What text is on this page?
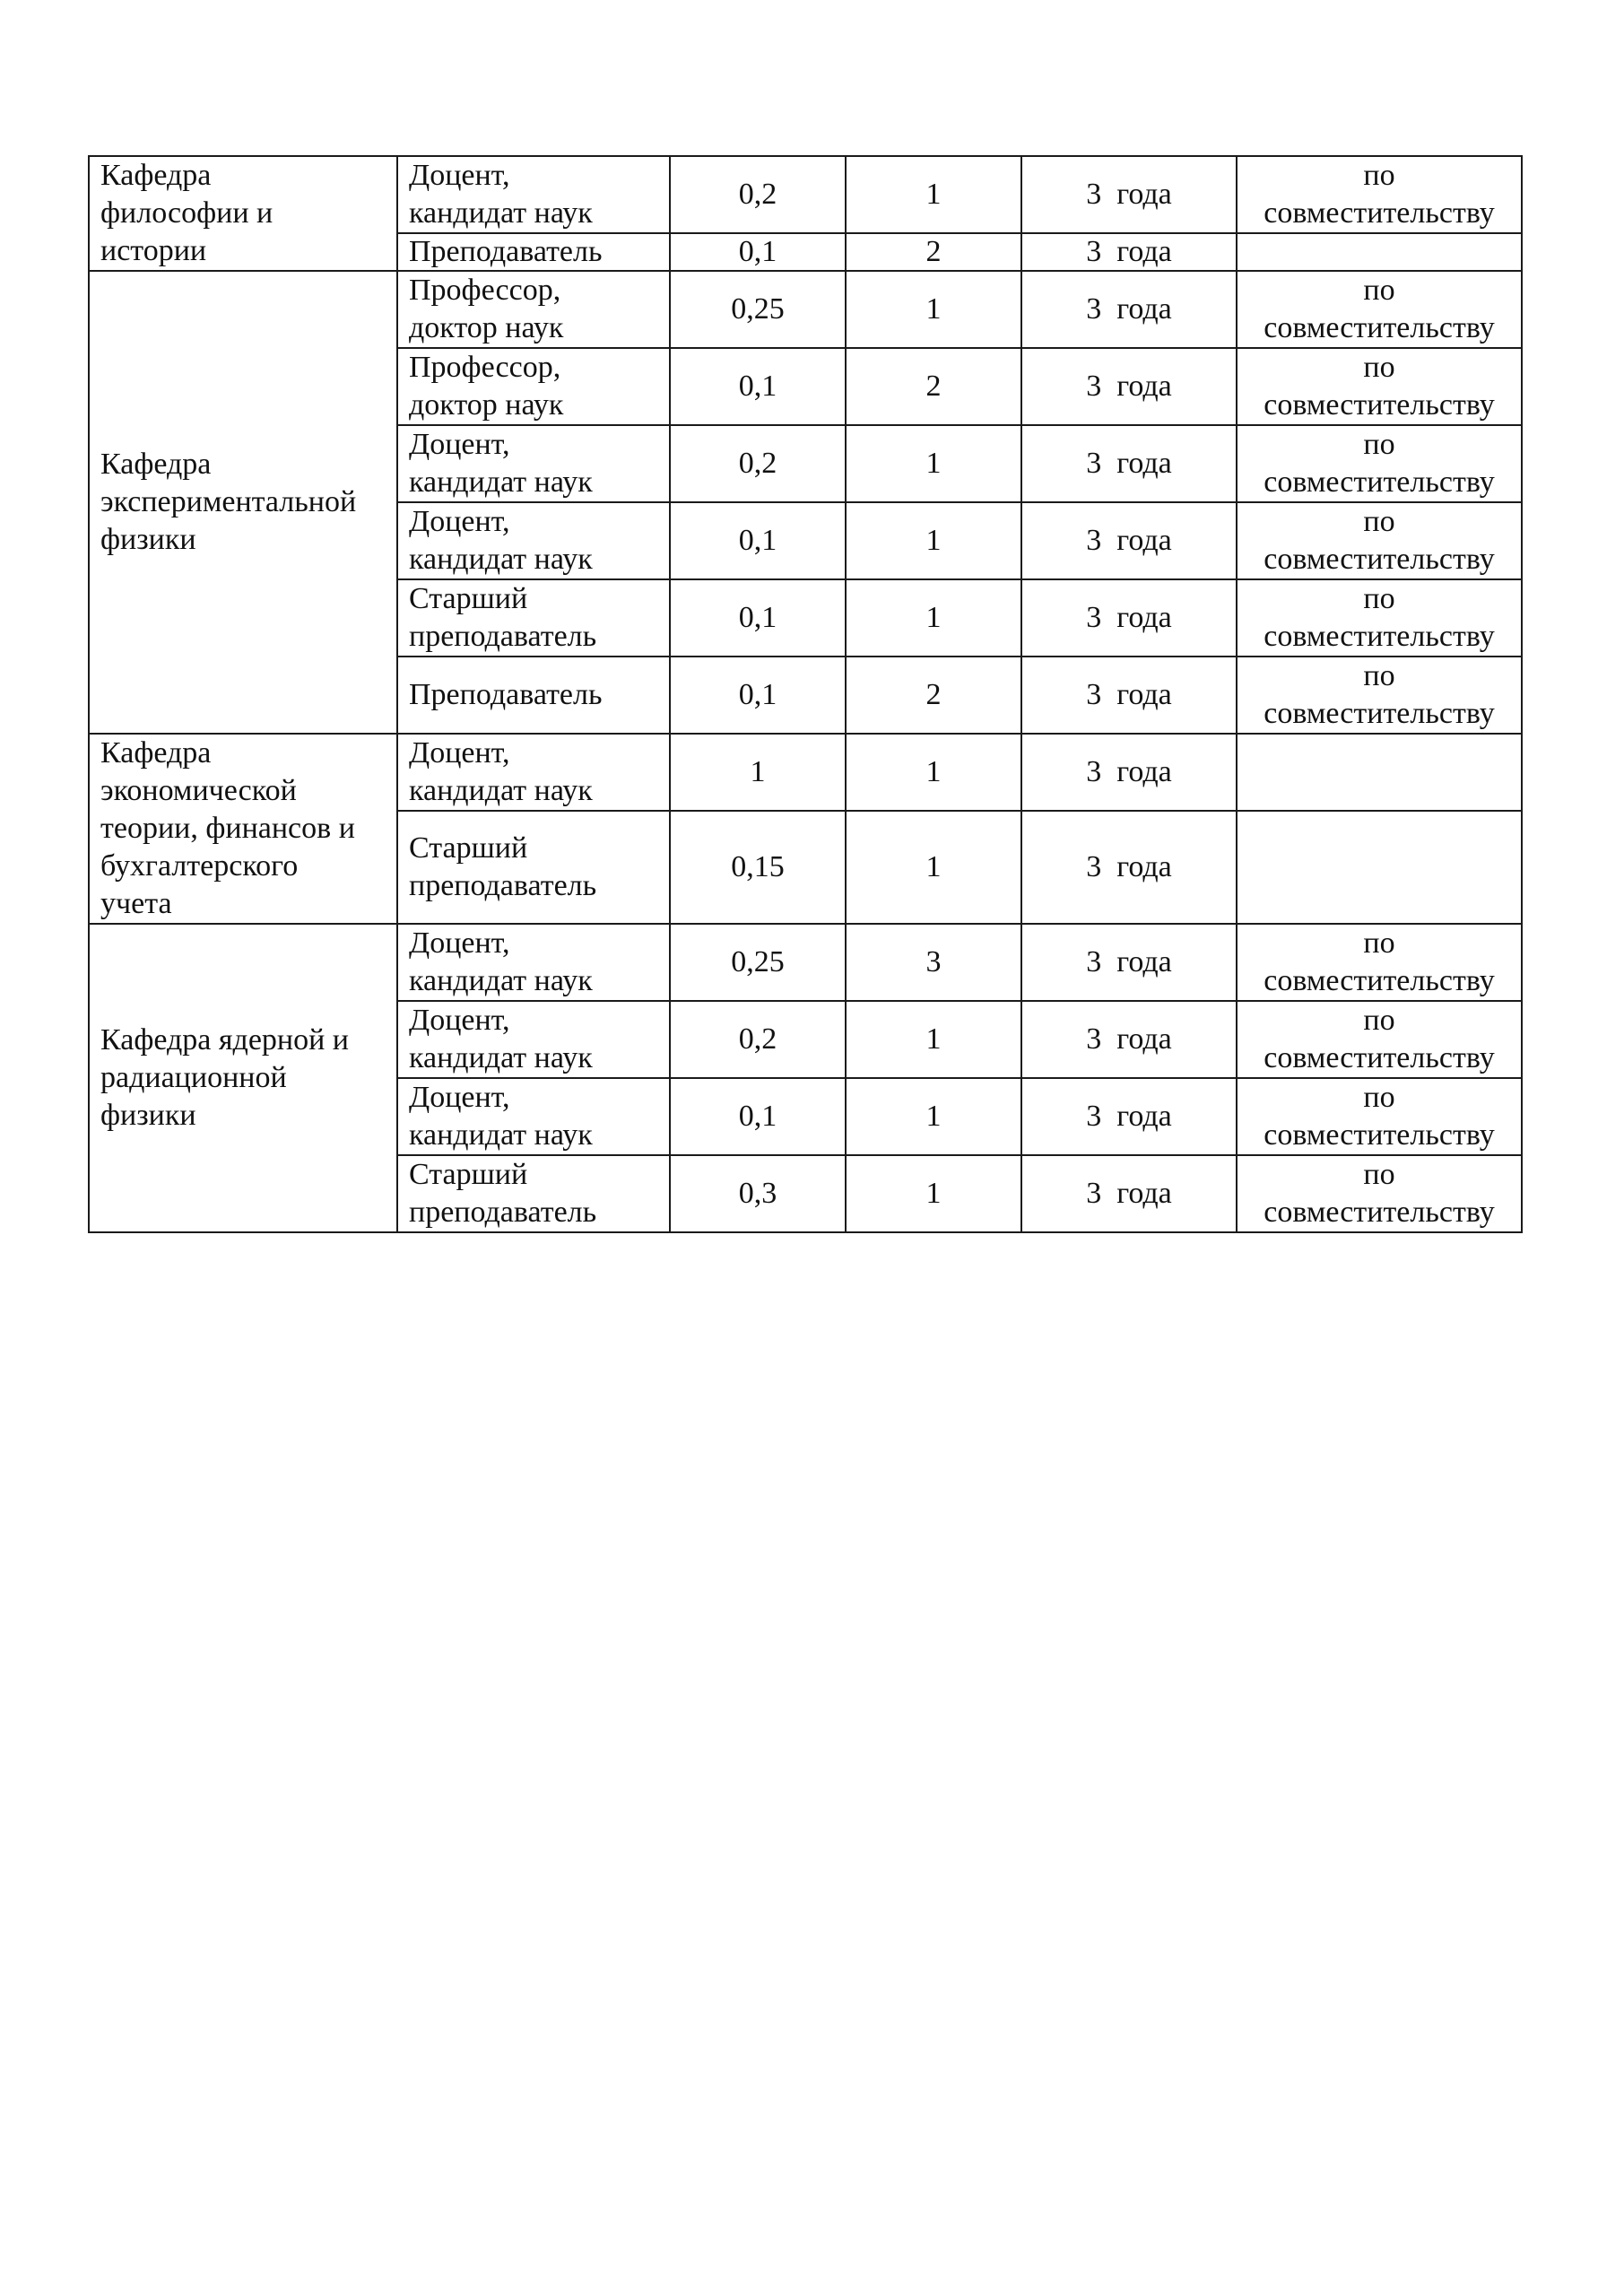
Кафедра
философии и
истории	Доцент,
кандидат наук	0,2	1	3  года	по
совместительству

	Преподаватель	0,1	2	3  года	

Кафедра
экспериментальной
физики	Профессор,
доктор наук	0,25	1	3  года	по
совместительству

	Профессор,
доктор наук	0,1	2	3  года	по
совместительству

	Доцент,
кандидат наук	0,2	1	3  года	по
совместительству

	Доцент,
кандидат наук	0,1	1	3  года	по
совместительству

	Старший
преподаватель	0,1	1	3  года	по
совместительству

	Преподаватель	0,1	2	3  года	по
совместительству

Кафедра
экономической
теории, финансов и
бухгалтерского
учета	Доцент,
кандидат наук	1	1	3  года	

	Старший
преподаватель	0,15	1	3  года	

Кафедра ядерной и
радиационной
физики	Доцент,
кандидат наук	0,25	3	3  года	по
совместительству

	Доцент,
кандидат наук	0,2	1	3  года	по
совместительству

	Доцент,
кандидат наук	0,1	1	3  года	по
совместительству

	Старший
преподаватель	0,3	1	3  года	по
совместительству
